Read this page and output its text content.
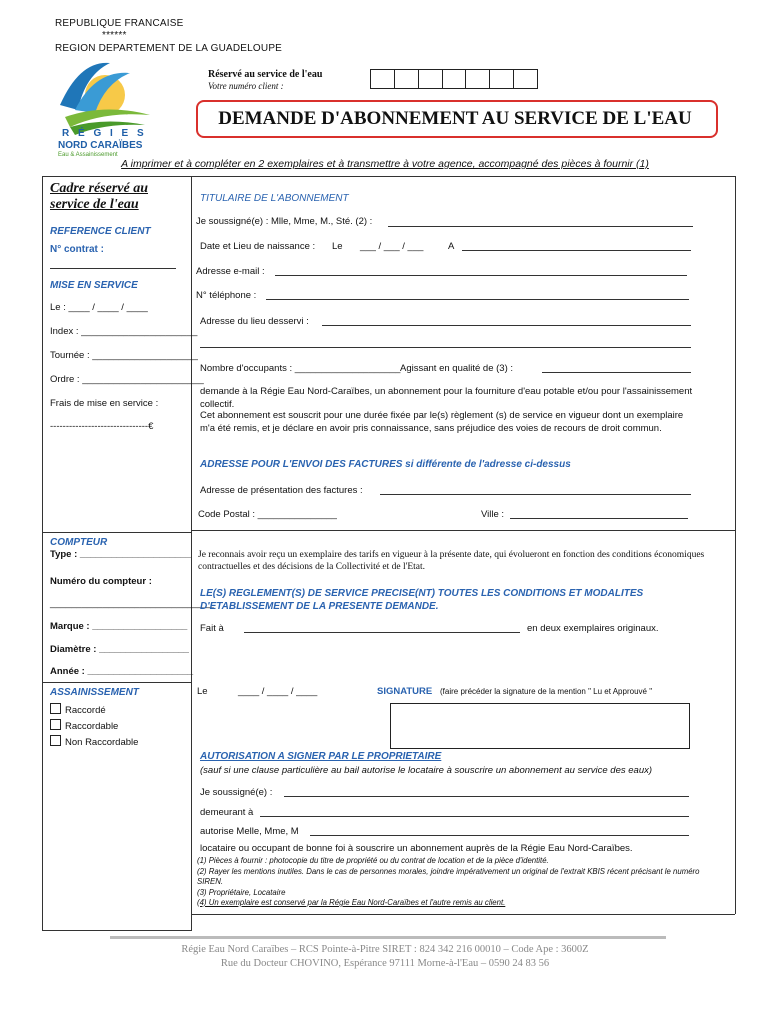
REPUBLIQUE FRANCAISE
******
REGION DEPARTEMENT DE LA GUADELOUPE
R É G I E S
NORD CARAÏBES
Eau & Assainissement
Réservé au service de l'eau
Votre numéro client :
DEMANDE D'ABONNEMENT AU SERVICE DE L'EAU
A imprimer et à compléter en 2 exemplaires et à transmettre à votre agence, accompagné des pièces à fournir (1)
Cadre réservé au service de l'eau
REFERENCE CLIENT
N° contrat :
MISE EN SERVICE
Le : ____ / ____ / ____
Index : ______________________
Tournée : ____________________
Ordre : _______________________
Frais de mise en service :
-------------------------------€
COMPTEUR
Type : _____________________
Numéro du compteur :
_______________________________
Marque : __________________
Diamètre : _________________
Année : ____________________
ASSAINISSEMENT
Raccordé
Raccordable
Non Raccordable
TITULAIRE DE L'ABONNEMENT
Je soussigné(e) : Mlle, Mme, M., Sté. (2) :
Date et Lieu de naissance : Le ___ / ___ / ___	A
Adresse e-mail :
N° téléphone :
Adresse du lieu desservi :
Nombre d'occupants : ____________________ Agissant en qualité de (3) :
demande à la Régie Eau Nord-Caraïbes, un abonnement pour la fourniture d'eau potable et/ou pour l'assainissement collectif.
Cet abonnement est souscrit pour une durée fixée par le(s) règlement (s) de service en vigueur dont un exemplaire m'a été remis, et je déclare en avoir pris connaissance, sans préjudice des voies de recours de droit commun.
ADRESSE POUR L'ENVOI DES FACTURES si différente de l'adresse ci-dessus
Adresse de présentation des factures :
Code Postal : _______________	Ville :
Je reconnais avoir reçu un exemplaire des tarifs en vigueur à la présente date, qui évolueront en fonction des conditions économiques contractuelles et des décisions de la Collectivité et de l'Etat.
LE(S) REGLEMENT(S) DE SERVICE PRECISE(NT) TOUTES LES CONDITIONS ET MODALITES D'ETABLISSEMENT DE LA PRESENTE DEMANDE.
Fait à	en deux exemplaires originaux.
Le	____ / ____ / ____	SIGNATURE (faire précéder la signature de la mention " Lu et Approuvé "
AUTORISATION A SIGNER PAR LE PROPRIETAIRE
(sauf si une clause particulière au bail autorise le locataire à souscrire un abonnement au service des eaux)
Je soussigné(e) :
demeurant à
autorise Melle, Mme, M
locataire ou occupant de bonne foi à souscrire un abonnement auprès de la Régie Eau Nord-Caraïbes.
(1) Pièces à fournir : photocopie du titre de propriété ou du contrat de location et de la pièce d'identité.
(2) Rayer les mentions inutiles. Dans le cas de personnes morales, joindre impérativement un original de l'extrait KBIS récent précisant le numéro SIREN.
(3) Propriétaire, Locataire
(4) Un exemplaire est conservé par la Régie Eau Nord-Caraïbes et l'autre remis au client.
Régie Eau Nord Caraïbes – RCS Pointe-à-Pitre SIRET : 824 342 216 00010 – Code Ape : 3600Z
Rue du Docteur CHOVINO, Espérance 97111 Morne-à-l'Eau – 0590 24 83 56
